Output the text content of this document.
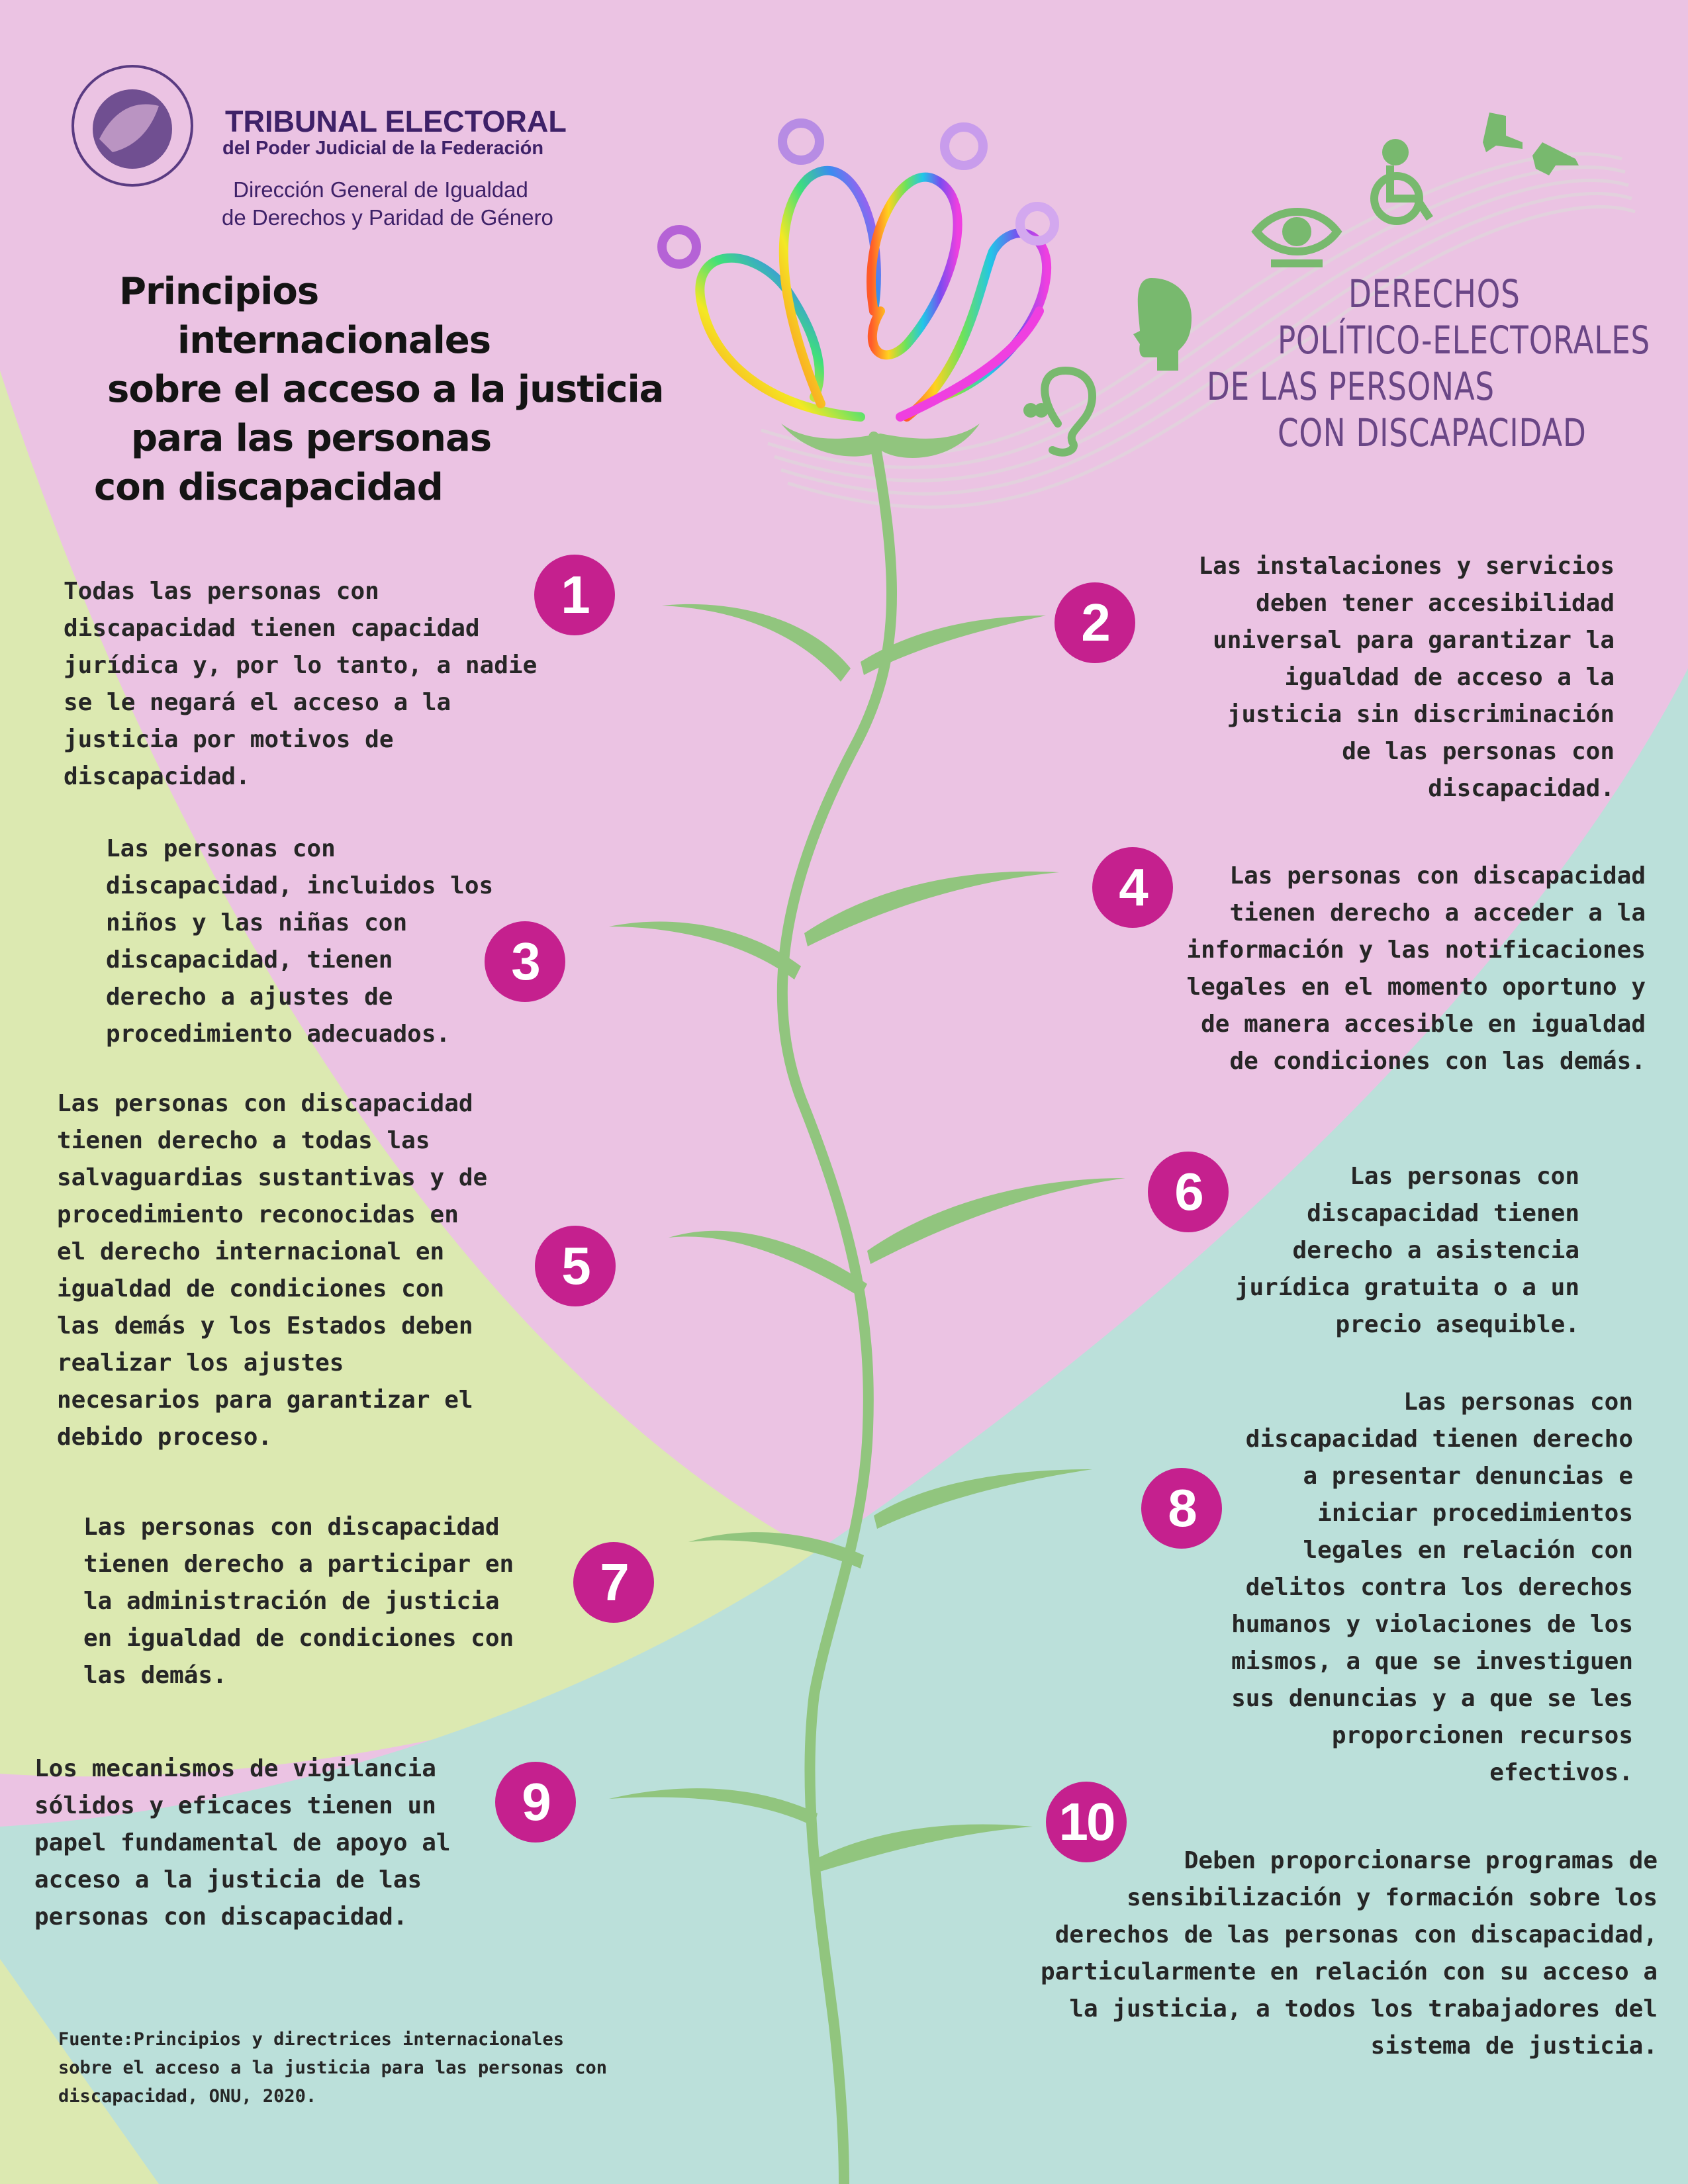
TRIBUNAL ELECTORAL
del Poder Judicial de la Federación
Dirección General de Igualdad
de Derechos y Paridad de Género
Principios
internacionales
sobre el acceso a la justicia
para las personas
con discapacidad
DERECHOS
POLÍTICO-ELECTORALES
DE LAS PERSONAS
CON DISCAPACIDAD
1	2
3
4
5
6
7
8
9	10
Todas las personas con
discapacidad tienen capacidad
jurídica y, por lo tanto, a nadie
se le negará el acceso a la
justicia por motivos de
discapacidad.
Las instalaciones y servicios
deben tener accesibilidad
universal para garantizar la
igualdad de acceso a la
justicia sin discriminación
de las personas con
discapacidad.
Las personas con
discapacidad, incluidos los
niños y las niñas con
discapacidad, tienen
derecho a ajustes de
procedimiento adecuados.
Las personas con discapacidad
tienen derecho a acceder a la
información y las notificaciones
legales en el momento oportuno y
de manera accesible en igualdad
de condiciones con las demás.
Las personas con discapacidad
tienen derecho a todas las
salvaguardias sustantivas y de
procedimiento reconocidas en
el derecho internacional en
igualdad de condiciones con
las demás y los Estados deben
realizar los ajustes
necesarios para garantizar el
debido proceso.
Las personas con
discapacidad tienen
derecho a asistencia
jurídica gratuita o a un
precio asequible.
Las personas con discapacidad
tienen derecho a participar en
la administración de justicia
en igualdad de condiciones con
las demás.
Las personas con
discapacidad tienen derecho
a presentar denuncias e
iniciar procedimientos
legales en relación con
delitos contra los derechos
humanos y violaciones de los
mismos, a que se investiguen
sus denuncias y a que se les
proporcionen recursos
efectivos.
Los mecanismos de vigilancia
sólidos y eficaces tienen un
papel fundamental de apoyo al
acceso a la justicia de las
personas con discapacidad.
Deben proporcionarse programas de
sensibilización y formación sobre los
derechos de las personas con discapacidad,
particularmente en relación con su acceso a
la justicia, a todos los trabajadores del
sistema de justicia.
Fuente:Principios y directrices internacionales
sobre el acceso a la justicia para las personas con
discapacidad, ONU, 2020.
